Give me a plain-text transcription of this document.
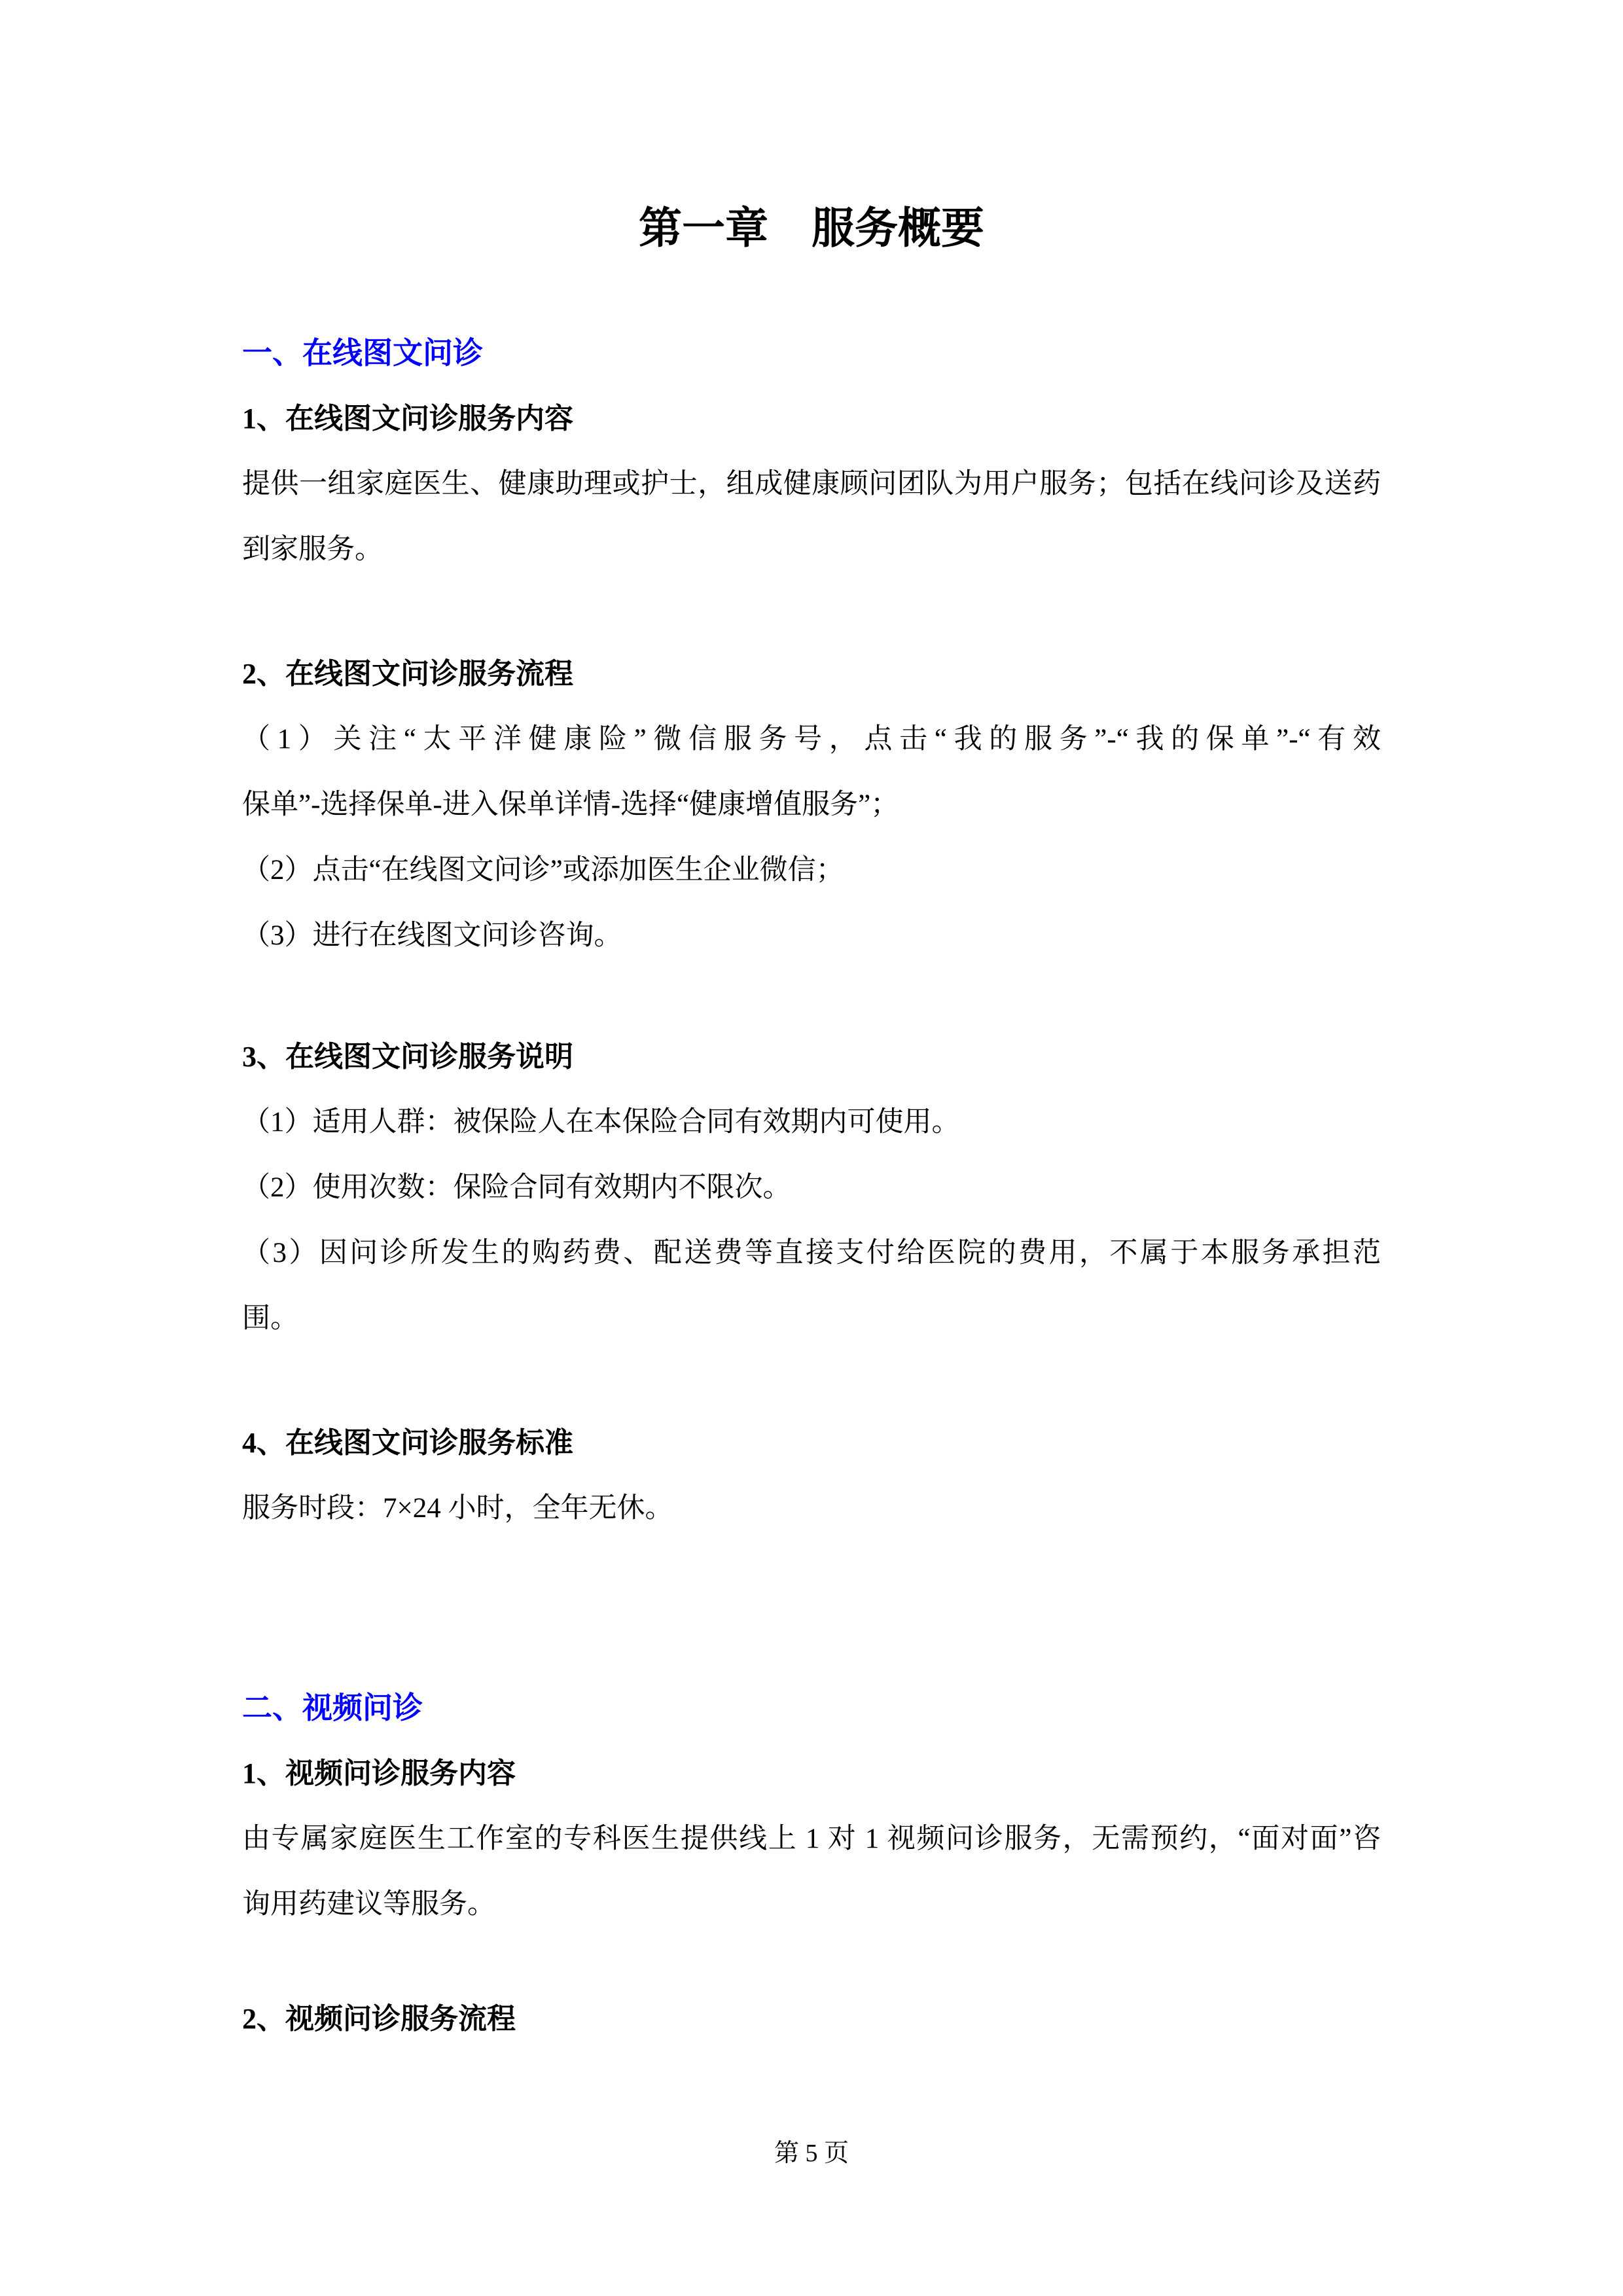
第一章　服务概要
一、在线图文问诊
1、在线图文问诊服务内容
提供一组家庭医生、健康助理或护士，组成健康顾问团队为用户服务；包括在线问诊及送药
到家服务。
2、在线图文问诊服务流程
（1）关注“太平洋健康险”微信服务号，点击“我的服务”-“我的保单”-“有效
保单”-选择保单-进入保单详情-选择“健康增值服务”；
（2）点击“在线图文问诊”或添加医生企业微信；
（3）进行在线图文问诊咨询。
3、在线图文问诊服务说明
（1）适用人群：被保险人在本保险合同有效期内可使用。
（2）使用次数：保险合同有效期内不限次。
（3）因问诊所发生的购药费、配送费等直接支付给医院的费用，不属于本服务承担范
围。
4、在线图文问诊服务标准
服务时段：7×24 小时，全年无休。
二、视频问诊
1、视频问诊服务内容
由专属家庭医生工作室的专科医生提供线上 1 对 1 视频问诊服务，无需预约，“面对面”咨
询用药建议等服务。
2、视频问诊服务流程
第 5 页
